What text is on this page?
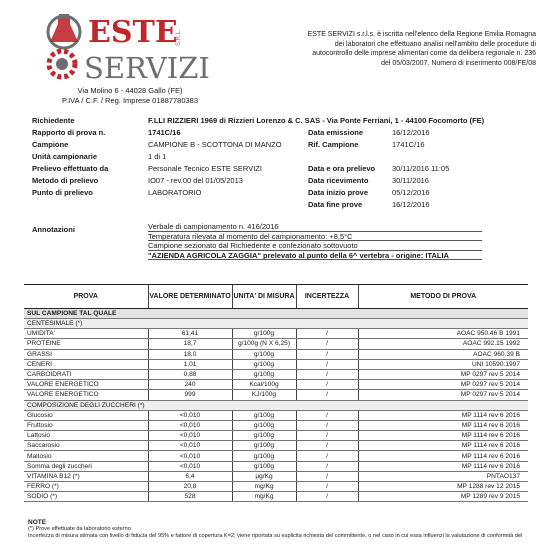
ESTE
S.R.L.
SERVIZI
Via Molino 6 - 44028 Gallo (FE)
P.IVA / C.F. / Reg. Imprese 01887780383
ESTE SERVIZI s.r.l.s. è iscritta nell'elenco della Regione Emilia Romagna dei laboratori che effettuano analisi nell'ambito delle procedure di autocontrollo delle imprese alimentari come da delibera regionale n. 236 del 05/03/2007. Numero di inserimento 008/FE/08
Richiedente	F.LLI RIZZIERI 1969 di Rizzieri Lorenzo & C. SAS - Via Ponte Ferriani, 1 - 44100 Focomorto (FE)
Rapporto di prova n.	1741C/16	Data emissione	16/12/2016
Campione	CAMPIONE B - SCOTTONA DI MANZO	Rif. Campione	1741C/16
Unità campionarie	1 di 1
Prelievo effettuato da	Personale Tecnico ESTE SERVIZI	Data e ora prelievo 30/11/2016 11:05
Metodo di prelievo	IO07 - rev.00 del 01/05/2013	Data ricevimento	30/11/2016
Punto di prelievo	LABORATORIO	Data inizio prove	05/12/2016
Data fine prove	16/12/2016
Annotazioni	Verbale di campionamento n. 416/2016
Temperatura rilevata al momento del campionamento: +8,5°C
Campione sezionato dal Richiedente e confezionato sottovuoto
"AZIENDA AGRICOLA ZAGGIA" prelevato al punto della 6^ vertebra - origine: ITALIA
PROVA	VALORE DETERMINATO	UNITA' DI MISURA	INCERTEZZA	METODO DI PROVA
SUL CAMPIONE TAL QUALE				
CENTESIMALE (*)				
UMIDITA'	61,41	g/100g	/	AOAC 950.46 B 1991
PROTEINE	18,7	g/100g (N X 6,25)	/	AOAC 992.15 1992
GRASSI	18,0	g/100g	/	AOAC 960.39 B
CENERI	1,01	g/100g	/	UNI 10590:1997
CARBOIDRATI	0,88	g/100g	/	MP 0297 rev 5 2014
VALORE ENERGETICO	240	Kcal/100g	/	MP 0297 rev 5 2014
VALORE ENERGETICO	999	KJ/100g	/	MP 0297 rev 5 2014
COMPOSIZIONE DEGLI ZUCCHERI (*)				
Glucosio	<0,010	g/100g	/	MP 1114 rev 6 2016
Fruttosio	<0,010	g/100g	/	MP 1114 rev 6 2016
Lattosio	<0,010	g/100g	/	MP 1114 rev 6 2016
Saccarosio	<0,010	g/100g	/	MP 1114 rev 6 2016
Maltosio	<0,010	g/100g	/	MP 1114 rev 6 2016
Somma degli zuccheri	<0,010	g/100g	/	MP 1114 rev 6 2016
VITAMINA B12 (*)	6,4	µg/Kg	/	PNTAO137
FERRO (*)	20,8	mg/Kg	/	MP 1288 rev 12 2015
SODIO (*)	528	mg/Kg	/	MP 1289 rev 9 2015
NOTE
(*) Prove effettuate da laboratorio esterno
Incertezza di misura stimata con livello di fiducia del 95% e fattore di copertura K=2; viene riportata su esplicita richiesta del committente, o nel caso in cui essa influenzi la valutazione di conformità del
